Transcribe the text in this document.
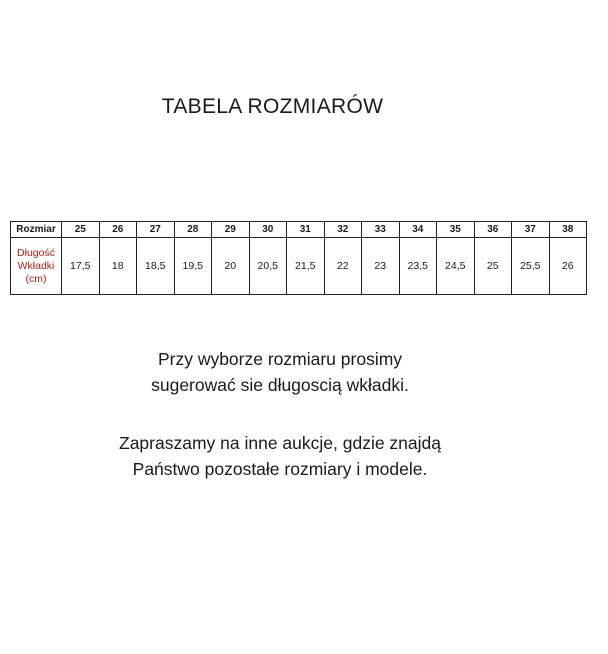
TABELA ROZMIARÓW
Rozmiar	25	26	27	28	29	30	31	32	33	34	35	36	37	38

Długość
Wkładki
(cm)	17,5	18	18,5	19,5	20	20,5	21,5	22	23	23,5	24,5	25	25,5	26
Przy wyborze rozmiaru prosimy
sugerować sie długoscią wkładki.
Zapraszamy na inne aukcje, gdzie znajdą
Państwo pozostałe rozmiary i modele.
